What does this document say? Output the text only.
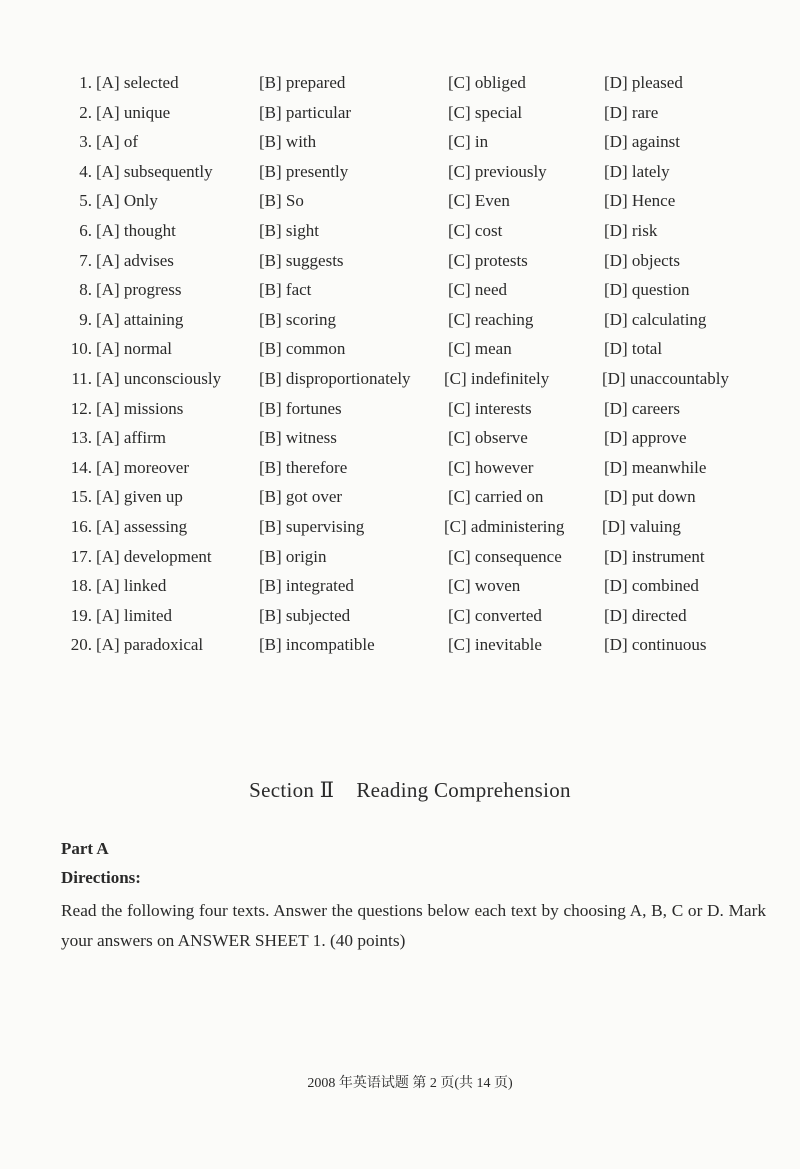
1. [A] selected	[B] prepared	[C] obliged	[D] pleased
2. [A] unique	[B] particular	[C] special	[D] rare
3. [A] of	[B] with	[C] in	[D] against
4. [A] subsequently	[B] presently	[C] previously	[D] lately
5. [A] Only	[B] So	[C] Even	[D] Hence
6. [A] thought	[B] sight	[C] cost	[D] risk
7. [A] advises	[B] suggests	[C] protests	[D] objects
8. [A] progress	[B] fact	[C] need	[D] question
9. [A] attaining	[B] scoring	[C] reaching	[D] calculating
10. [A] normal	[B] common	[C] mean	[D] total
11. [A] unconsciously [B] disproportionately [C] indefinitely	[D] unaccountably
12. [A] missions	[B] fortunes	[C] interests	[D] careers
13. [A] affirm	[B] witness	[C] observe	[D] approve
14. [A] moreover	[B] therefore	[C] however	[D] meanwhile
15. [A] given up	[B] got over	[C] carried on	[D] put down
16. [A] assessing	[B] supervising	[C] administering [D] valuing
17. [A] development	[B] origin	[C] consequence [D] instrument
18. [A] linked	[B] integrated	[C] woven	[D] combined
19. [A] limited	[B] subjected	[C] converted	[D] directed
20. [A] paradoxical	[B] incompatible	[C] inevitable	[D] continuous
Section Ⅱ Reading Comprehension
Part A
Directions:
Read the following four texts. Answer the questions below each text by choosing A, B, C or D. Mark your answers on ANSWER SHEET 1. (40 points)
2008 年英语试题 第 2 页(共 14 页)
